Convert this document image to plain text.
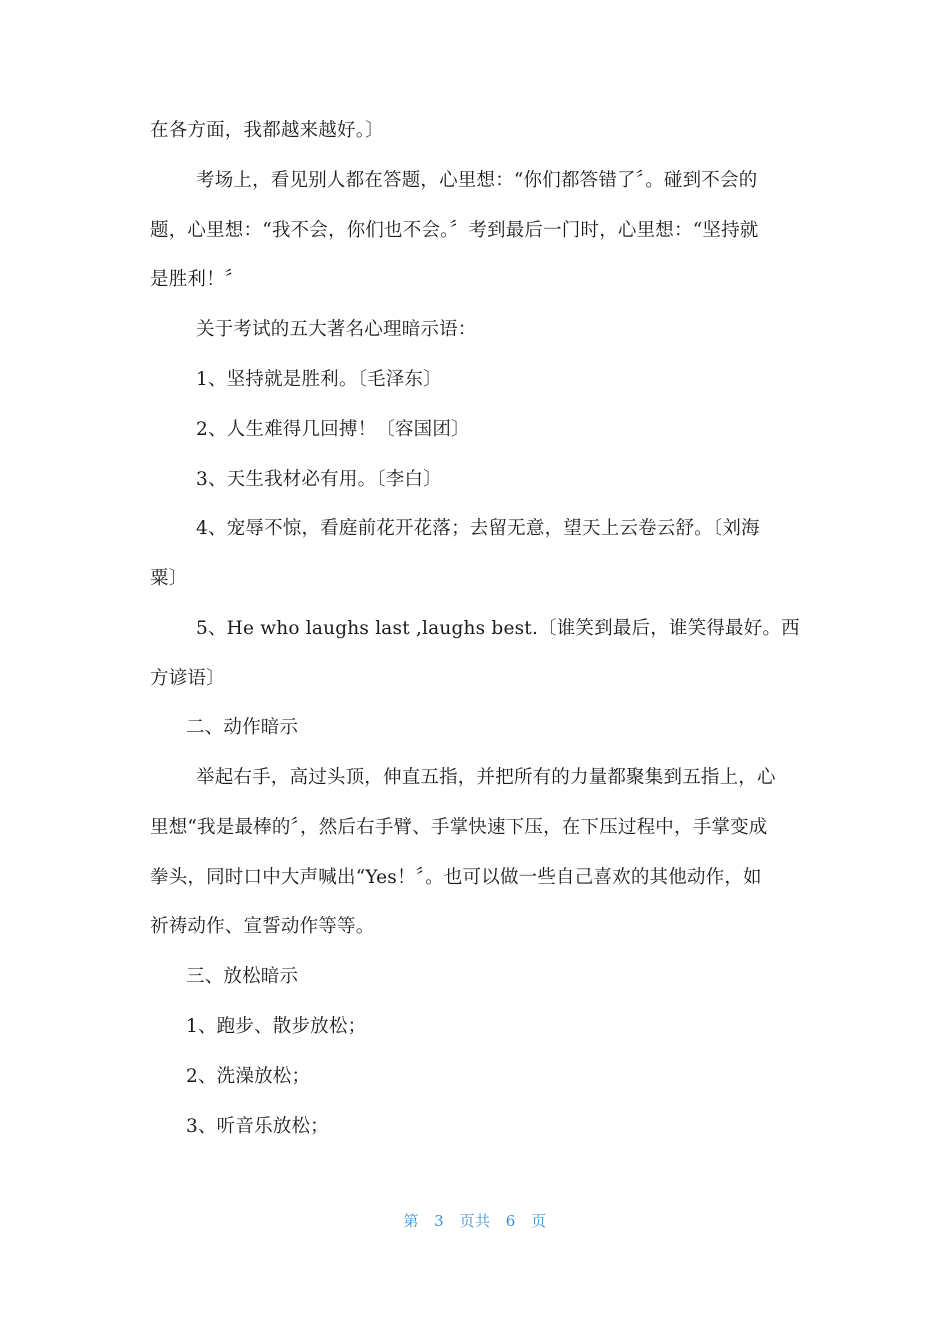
在各方面，我都越来越好。〕
考场上，看见别人都在答题，心里想：“你们都答错了〞。碰到不会的
题，心里想：“我不会，你们也不会。〞考到最后一门时，心里想：“坚持就
是胜利！〞
关于考试的五大著名心理暗示语：
1、坚持就是胜利。〔毛泽东〕
2、人生难得几回搏！〔容国团〕
3、天生我材必有用。〔李白〕
4、宠辱不惊，看庭前花开花落；去留无意，望天上云卷云舒。〔刘海
粟〕
5、He who laughs last ,laughs best.〔谁笑到最后，谁笑得最好。西
方谚语〕
二、动作暗示
举起右手，高过头顶，伸直五指，并把所有的力量都聚集到五指上，心
里想“我是最棒的〞，然后右手臂、手掌快速下压，在下压过程中，手掌变成
拳头，同时口中大声喊出“Yes！〞。也可以做一些自己喜欢的其他动作，如
祈祷动作、宣誓动作等等。
三、放松暗示
1、跑步、散步放松；
2、洗澡放松；
3、听音乐放松；
第 3 页共 6 页
